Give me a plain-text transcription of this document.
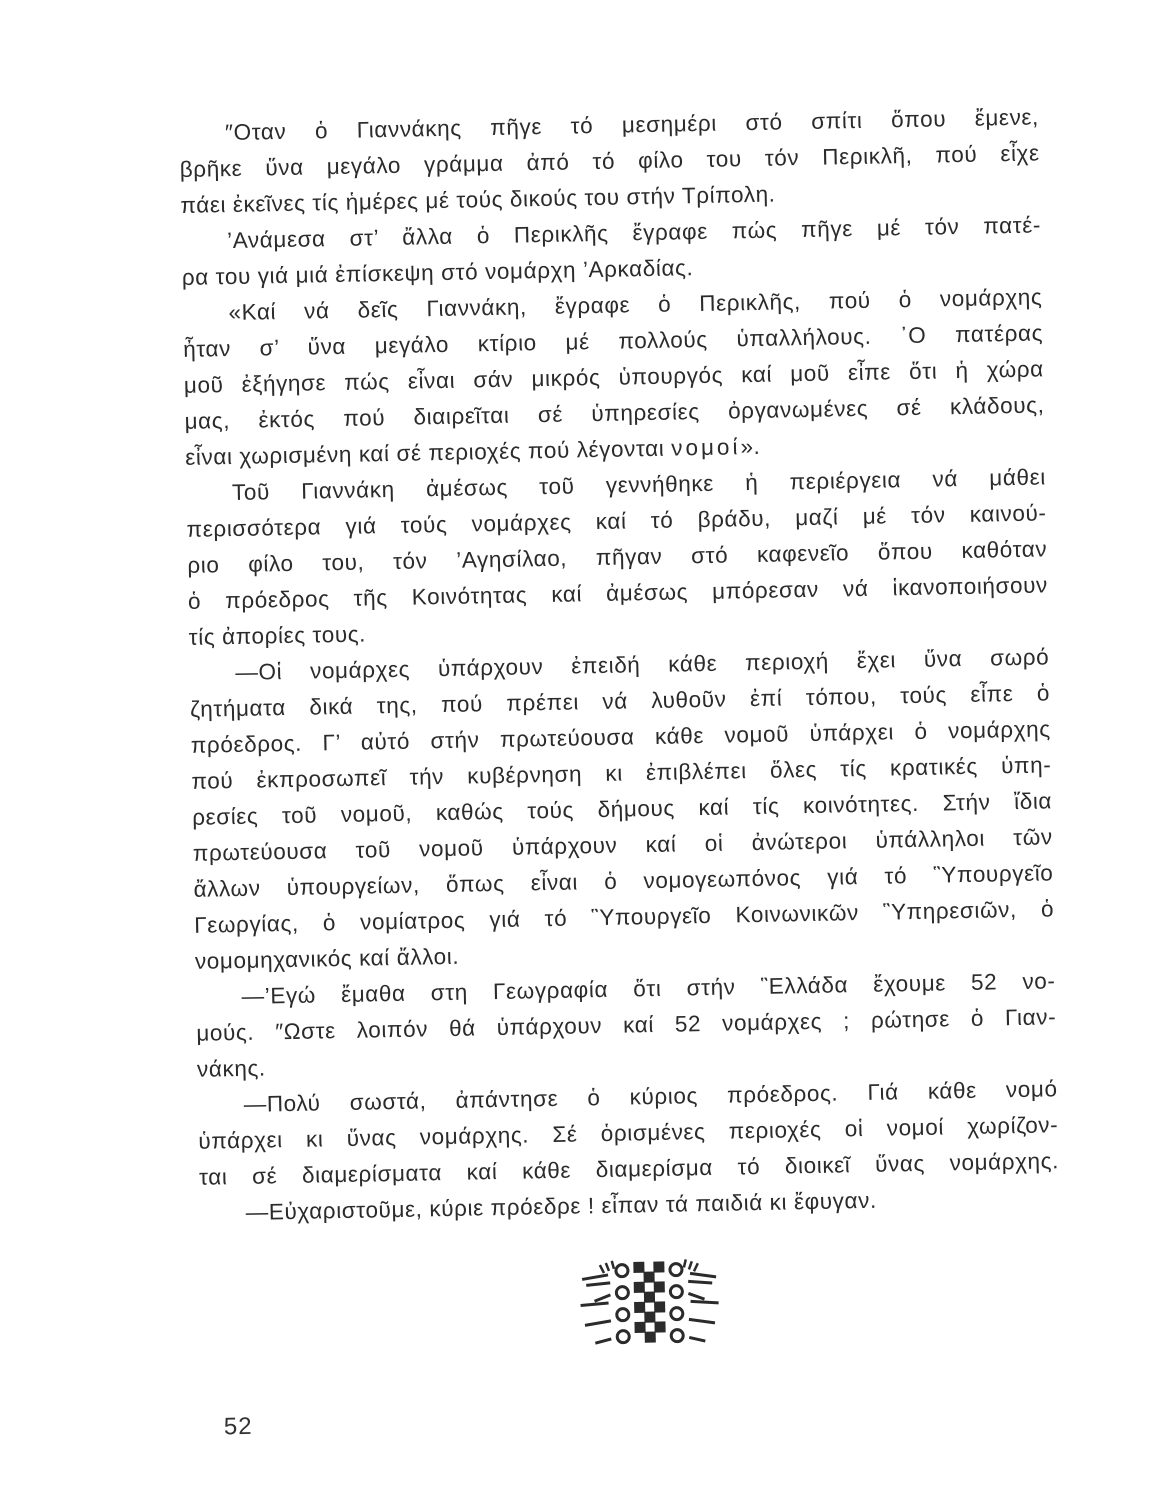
″Οταν ὁ Γιαννάκης πῆγε τό μεσημέρι στό σπίτι ὅπου ἔμενε,
βρῆκε ὕνα μεγάλο γράμμα ἀπό τό φίλο του τόν Περικλῆ, πού εἶχε
πάει ἐκεῖνες τίς ἡμέρες μέ τούς δικούς του στήν Τρίπολη.
’Ανάμεσα στ’ ἄλλα ὁ Περικλῆς ἔγραφε πώς πῆγε μέ τόν πατέ-
ρα του γιά μιά ἐπίσκεψη στό νομάρχη ’Αρκαδίας.
«Καί νά δεῖς Γιαννάκη, ἔγραφε ὁ Περικλῆς, πού ὁ νομάρχης
ἦταν σ’ ὕνα μεγάλο κτίριο μέ πολλούς ὑπαλλήλους. ᾿Ο πατέρας
μοῦ ἐξήγησε πώς εἶναι σάν μικρός ὑπουργός καί μοῦ εἶπε ὅτι ἡ χώρα
μας, ἐκτός πού διαιρεῖται σέ ὑπηρεσίες ὀργανωμένες σέ κλάδους,
εἶναι χωρισμένη καί σέ περιοχές πού λέγονται νομοί».
Τοῦ Γιαννάκη ἀμέσως τοῦ γεννήθηκε ἡ περιέργεια νά μάθει
περισσότερα γιά τούς νομάρχες καί τό βράδυ, μαζί μέ τόν καινού-
ριο φίλο του, τόν ’Αγησίλαο, πῆγαν στό καφενεῖο ὅπου καθόταν
ὁ πρόεδρος τῆς Κοινότητας καί ἀμέσως μπόρεσαν νά ἱκανοποιήσουν
τίς ἀπορίες τους.
—Οἱ νομάρχες ὑπάρχουν ἐπειδή κάθε περιοχή ἔχει ὕνα σωρό
ζητήματα δικά της, πού πρέπει νά λυθοῦν ἐπί τόπου, τούς εἶπε ὁ
πρόεδρος. Γ’ αὐτό στήν πρωτεύουσα κάθε νομοῦ ὑπάρχει ὁ νομάρχης
πού ἐκπροσωπεῖ τήν κυβέρνηση κι ἐπιβλέπει ὅλες τίς κρατικές ὑπη-
ρεσίες τοῦ νομοῦ, καθώς τούς δήμους καί τίς κοινότητες. Στήν ἴδια
πρωτεύουσα τοῦ νομοῦ ὑπάρχουν καί οἱ ἀνώτεροι ὑπάλληλοι τῶν
ἄλλων ὑπουργείων, ὅπως εἶναι ὁ νομογεωπόνος γιά τό ῝Υπουργεῖο
Γεωργίας, ὁ νομίατρος γιά τό ῝Υπουργεῖο Κοινωνικῶν ῝Υπηρεσιῶν, ὁ
νομομηχανικός καί ἄλλοι.
—’Εγώ ἔμαθα στη Γεωγραφία ὅτι στήν ῝Ελλάδα ἔχουμε 52 νο-
μούς. ″Ωστε λοιπόν θά ὑπάρχουν καί 52 νομάρχες ; ρώτησε ὁ Γιαν-
νάκης.
—Πολύ σωστά, ἀπάντησε ὁ κύριος πρόεδρος. Γιά κάθε νομό
ὑπάρχει κι ὕνας νομάρχης. Σέ ὁρισμένες περιοχές οἱ νομοί χωρίζον-
ται σέ διαμερίσματα καί κάθε διαμερίσμα τό διοικεῖ ὕνας νομάρχης.
—Εὐχαριστοῦμε, κύριε πρόεδρε ! εἶπαν τά παιδιά κι ἔφυγαν.
52
